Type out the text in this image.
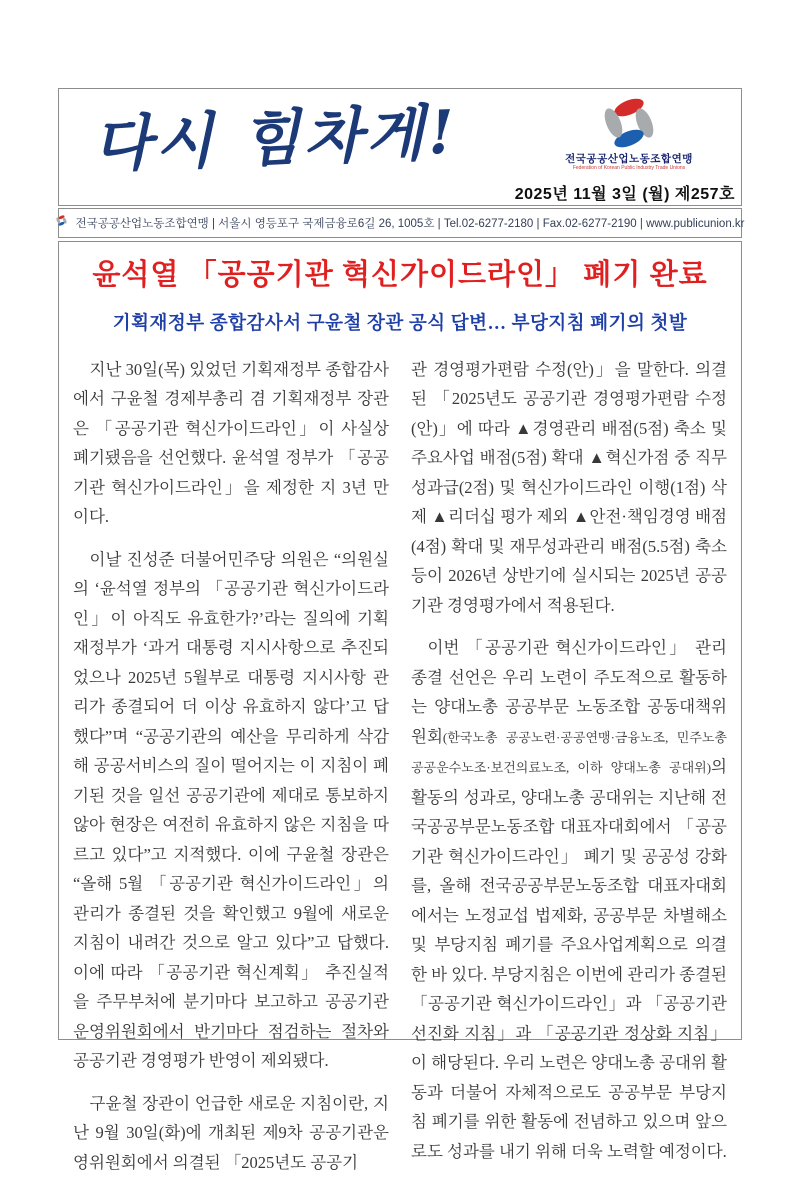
다시 힘차게!	전국공공산업노동조합연맹
Federation of Korean Public Industry Trade Unions
2025년 11월 3일 (월) 제257호
전국공공산업노동조합연맹 | 서울시 영등포구 국제금융로6길 26, 1005호 | Tel.02-6277-2180 | Fax.02-6277-2190 | www.publicunion.kr
윤석열 「공공기관 혁신가이드라인」 폐기 완료
기획재정부 종합감사서 구윤철 장관 공식 답변… 부당지침 폐기의 첫발

지난 30일(목) 있었던 기획재정부 종합감사에서 구윤철 경제부총리 겸 기획재정부 장관은 「공공기관 혁신가이드라인」이 사실상 폐기됐음을 선언했다. 윤석열 정부가 「공공기관 혁신가이드라인」을 제정한 지 3년 만이다.

이날 진성준 더불어민주당 의원은 “의원실의 ‘윤석열 정부의 「공공기관 혁신가이드라인」이 아직도 유효한가?’라는 질의에 기획재정부가 ‘과거 대통령 지시사항으로 추진되었으나 2025년 5월부로 대통령 지시사항 관리가 종결되어 더 이상 유효하지 않다’고 답했다”며 “공공기관의 예산을 무리하게 삭감해 공공서비스의 질이 떨어지는 이 지침이 폐기된 것을 일선 공공기관에 제대로 통보하지 않아 현장은 여전히 유효하지 않은 지침을 따르고 있다”고 지적했다. 이에 구윤철 장관은 “올해 5월 「공공기관 혁신가이드라인」의 관리가 종결된 것을 확인했고 9월에 새로운 지침이 내려간 것으로 알고 있다”고 답했다. 이에 따라 「공공기관 혁신계획」 추진실적을 주무부처에 분기마다 보고하고 공공기관운영위원회에서 반기마다 점검하는 절차와 공공기관 경영평가 반영이 제외됐다.

구윤철 장관이 언급한 새로운 지침이란, 지난 9월 30일(화)에 개최된 제9차 공공기관운영위원회에서 의결된 「2025년도 공공기

관 경영평가편람 수정(안)」을 말한다. 의결된 「2025년도 공공기관 경영평가편람 수정(안)」에 따라 ▲경영관리 배점(5점) 축소 및 주요사업 배점(5점) 확대 ▲혁신가점 중 직무성과급(2점) 및 혁신가이드라인 이행(1점) 삭제 ▲리더십 평가 제외 ▲안전·책임경영 배점(4점) 확대 및 재무성과관리 배점(5.5점) 축소 등이 2026년 상반기에 실시되는 2025년 공공기관 경영평가에서 적용된다.

이번 「공공기관 혁신가이드라인」 관리 종결 선언은 우리 노련이 주도적으로 활동하는 양대노총 공공부문 노동조합 공동대책위원회(한국노총 공공노련·공공연맹·금융노조, 민주노총 공공운수노조·보건의료노조, 이하 양대노총 공대위)의 활동의 성과로, 양대노총 공대위는 지난해 전국공공부문노동조합 대표자대회에서 「공공기관 혁신가이드라인」 폐기 및 공공성 강화를, 올해 전국공공부문노동조합 대표자대회에서는 노정교섭 법제화, 공공부문 차별해소 및 부당지침 폐기를 주요사업계획으로 의결한 바 있다. 부당지침은 이번에 관리가 종결된 「공공기관 혁신가이드라인」과 「공공기관 선진화 지침」과 「공공기관 정상화 지침」이 해당된다. 우리 노련은 양대노총 공대위 활동과 더불어 자체적으로도 공공부문 부당지침 폐기를 위한 활동에 전념하고 있으며 앞으로도 성과를 내기 위해 더욱 노력할 예정이다.
